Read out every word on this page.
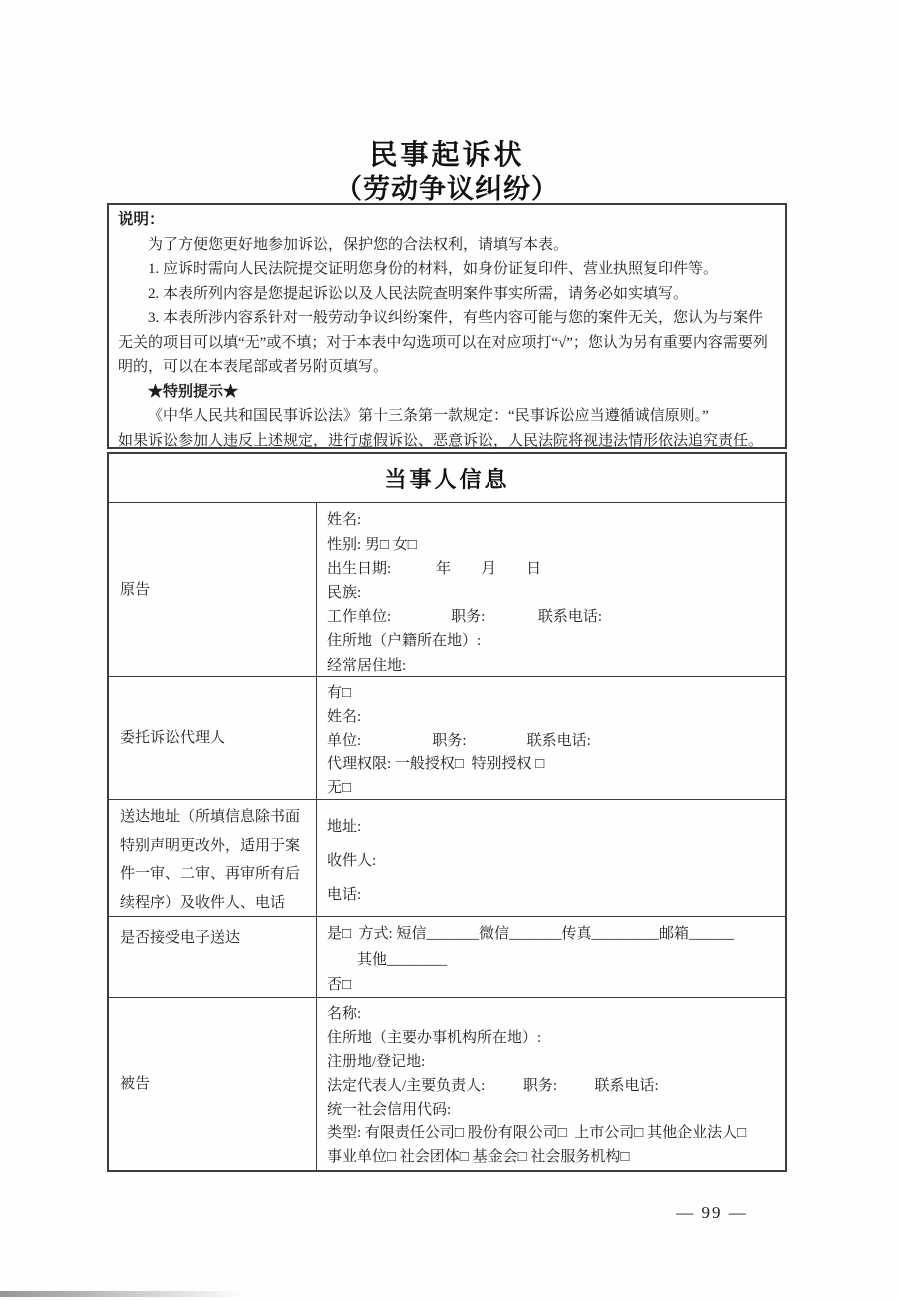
民事起诉状
（劳动争议纠纷）
说明：

为了方便您更好地参加诉讼，保护您的合法权利，请填写本表。

1. 应诉时需向人民法院提交证明您身份的材料，如身份证复印件、营业执照复印件等。

2. 本表所列内容是您提起诉讼以及人民法院查明案件事实所需，请务必如实填写。

3. 本表所涉内容系针对一般劳动争议纠纷案件，有些内容可能与您的案件无关，您认为与案件无关的项目可以填“无”或不填；对于本表中勾选项可以在对应项打“√”；您认为另有重要内容需要列明的，可以在本表尾部或者另附页填写。

★特别提示★

《中华人民共和国民事诉讼法》第十三条第一款规定：“民事诉讼应当遵循诚信原则。”

如果诉讼参加人违反上述规定，进行虚假诉讼、恶意诉讼，人民法院将视违法情形依法追究责任。

当事人信息
原告
姓名:
性别: 男□ 女□
出生日期:            年        月        日
民族:
工作单位:                职务:              联系电话:
住所地（户籍所在地）:
经常居住地:
委托诉讼代理人
有□
姓名:
单位:                   职务:                联系电话:
代理权限: 一般授权□  特别授权 □
无□
送达地址（所填信息除书面特别声明更改外，适用于案件一审、二审、再审所有后续程序）及收件人、电话
地址:
收件人:
电话:
是否接受电子送达	是□  方式: 短信_______微信_______传真_________邮箱______
其他________
否□
被告
名称:
住所地（主要办事机构所在地）:
注册地/登记地:
法定代表人/主要负责人:          职务:          联系电话:
统一社会信用代码:
类型: 有限责任公司□ 股份有限公司□  上市公司□ 其他企业法人□
事业单位□ 社会团体□ 基金会□ 社会服务机构□
— 99 —
